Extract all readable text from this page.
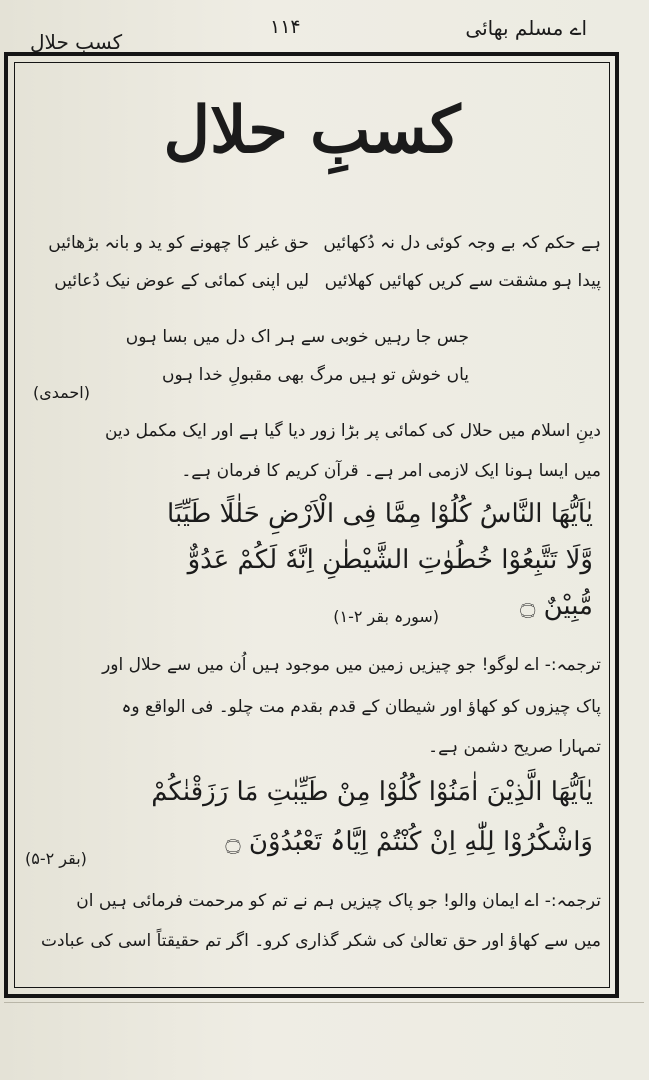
اے مسلم بھائی
۱۱۴
کسبِ حلال
کسبِ حلال
ہے حکم کہ بے وجہ کوئی دل نہ دُکھائیں
حق غیر کا چھونے کو ید و بانہ بڑھائیں
پیدا ہو مشقت سے کریں کھائیں کھلائیں
لیں اپنی کمائی کے عوض نیک دُعائیں
جس جا رہیں خوبی سے ہر اک دل میں بسا ہوں
یاں خوش تو ہیں مرگ بھی مقبولِ خدا ہوں
(احمدی)
دینِ اسلام میں حلال کی کمائی پر بڑا زور دیا گیا ہے اور ایک مکمل دین
میں ایسا ہونا ایک لازمی امر ہے۔ قرآن کریم کا فرمان ہے۔
یٰاَیُّھَا النَّاسُ کُلُوْا مِمَّا فِی الْاَرْضِ حَلٰلًا طَیِّبًا
وَّلَا تَتَّبِعُوْا خُطُوٰتِ الشَّیْطٰنِ اِنَّهٗ لَکُمْ عَدُوٌّ
مُّبِیْنٌ ۝
(سورہ بقر ۲-۱)
ترجمہ:- اے لوگو! جو چیزیں زمین میں موجود ہیں اُن میں سے حلال اور
پاک چیزوں کو کھاؤ اور شیطان کے قدم بقدم مت چلو۔ فی الواقع وہ
تمہارا صریح دشمن ہے۔
یٰاَیُّھَا الَّذِیْنَ اٰمَنُوْا کُلُوْا مِنْ طَیِّبٰتِ مَا رَزَقْنٰکُمْ
وَاشْکُرُوْا لِلّٰهِ اِنْ کُنْتُمْ اِیَّاہُ تَعْبُدُوْنَ ۝
(بقر ۲-۵)
ترجمہ:- اے ایمان والو! جو پاک چیزیں ہم نے تم کو مرحمت فرمائی ہیں ان
میں سے کھاؤ اور حق تعالیٰ کی شکر گذاری کرو۔ اگر تم حقیقتاً اسی کی عبادت
